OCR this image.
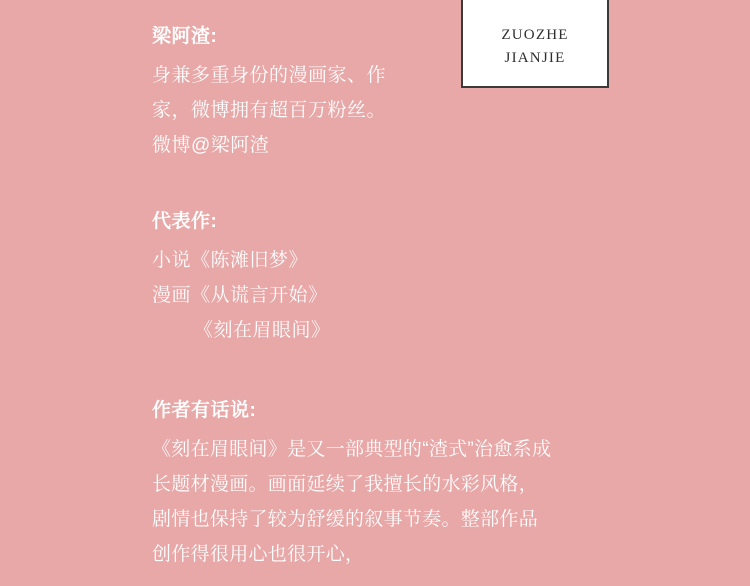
ZUOZHE
JIANJIE

梁阿渣:

身兼多重身份的漫画家、作

家，微博拥有超百万粉丝。

微博@梁阿渣

代表作:

小说《陈滩旧梦》

漫画《从谎言开始》

《刻在眉眼间》

作者有话说:

《刻在眉眼间》是又一部典型的“渣式”治愈系成长题材漫画。画面延续了我擅长的水彩风格，剧情也保持了较为舒缓的叙事节奏。整部作品创作得很用心也很开心，
